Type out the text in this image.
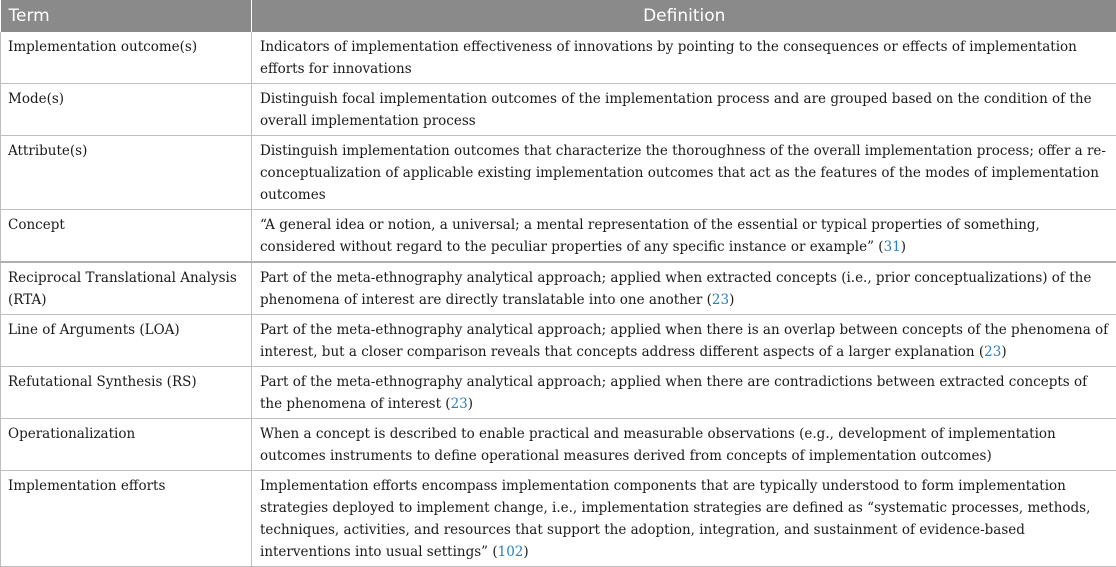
Term	Definition
Implementation outcome(s)	Indicators of implementation effectiveness of innovations by pointing to the consequences or effects of implementation efforts for innovations
Mode(s)	Distinguish focal implementation outcomes of the implementation process and are grouped based on the condition of the overall implementation process
Attribute(s)	Distinguish implementation outcomes that characterize the thoroughness of the overall implementation process; offer a re-conceptualization of applicable existing implementation outcomes that act as the features of the modes of implementation outcomes
Concept	“A general idea or notion, a universal; a mental representation of the essential or typical properties of something, considered without regard to the peculiar properties of any specific instance or example” (31)
Reciprocal Translational Analysis (RTA)	Part of the meta-ethnography analytical approach; applied when extracted concepts (i.e., prior conceptualizations) of the phenomena of interest are directly translatable into one another (23)
Line of Arguments (LOA)	Part of the meta-ethnography analytical approach; applied when there is an overlap between concepts of the phenomena of interest, but a closer comparison reveals that concepts address different aspects of a larger explanation (23)
Refutational Synthesis (RS)	Part of the meta-ethnography analytical approach; applied when there are contradictions between extracted concepts of the phenomena of interest (23)
Operationalization	When a concept is described to enable practical and measurable observations (e.g., development of implementation outcomes instruments to define operational measures derived from concepts of implementation outcomes)
Implementation efforts	Implementation efforts encompass implementation components that are typically understood to form implementation strategies deployed to implement change, i.e., implementation strategies are defined as “systematic processes, methods, techniques, activities, and resources that support the adoption, integration, and sustainment of evidence-based interventions into usual settings” (102)
